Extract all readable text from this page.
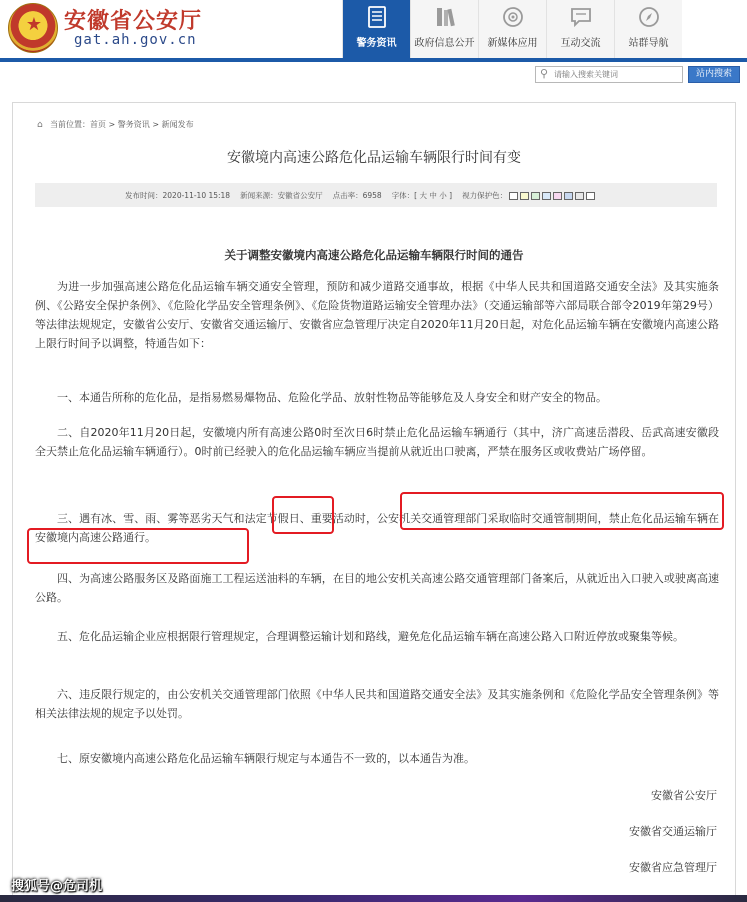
★ 安徽省公安厅
gat.ah.gov.cn	警务资讯	政府信息公开	新媒体应用	互动交流	站群导航
⚲
请输入搜索关键词	站内搜索
⌂ 当前位置：首页 > 警务资讯 > 新闻发布
安徽境内高速公路危化品运输车辆限行时间有变
发布时间：2020-11-10 15:18 新闻来源：安徽省公安厅 点击率：6958 字体：[ 大 中 小 ] 视力保护色：
关于调整安徽境内高速公路危化品运输车辆限行时间的通告

为进一步加强高速公路危化品运输车辆交通安全管理，预防和减少道路交通事故，根据《中华人民共和国道路交通安全法》及其实施条例、《公路安全保护条例》、《危险化学品安全管理条例》、《危险货物道路运输安全管理办法》（交通运输部等六部局联合部令2019年第29号）等法律法规规定，安徽省公安厅、安徽省交通运输厅、安徽省应急管理厅决定自2020年11月20日起，对危化品运输车辆在安徽境内高速公路上限行时间予以调整，特通告如下：

一、本通告所称的危化品，是指易燃易爆物品、危险化学品、放射性物品等能够危及人身安全和财产安全的物品。

二、自2020年11月20日起，安徽境内所有高速公路0时至次日6时禁止危化品运输车辆通行（其中，济广高速岳潜段、岳武高速安徽段全天禁止危化品运输车辆通行）。0时前已经驶入的危化品运输车辆应当提前从就近出口驶离，严禁在服务区或收费站广场停留。

三、遇有冰、雪、雨、雾等恶劣天气和法定节假日、重要活动时，公安机关交通管理部门采取临时交通管制期间，禁止危化品运输车辆在安徽境内高速公路通行。

四、为高速公路服务区及路面施工工程运送油料的车辆，在目的地公安机关高速公路交通管理部门备案后，从就近出入口驶入或驶离高速公路。

五、危化品运输企业应根据限行管理规定，合理调整运输计划和路线，避免危化品运输车辆在高速公路入口附近停放或聚集等候。

六、违反限行规定的，由公安机关交通管理部门依照《中华人民共和国道路交通安全法》及其实施条例和《危险化学品安全管理条例》等相关法律法规的规定予以处罚。

七、原安徽境内高速公路危化品运输车辆限行规定与本通告不一致的，以本通告为准。

安徽省公安厅
安徽省交通运输厅
安徽省应急管理厅
搜狐号@危司机
